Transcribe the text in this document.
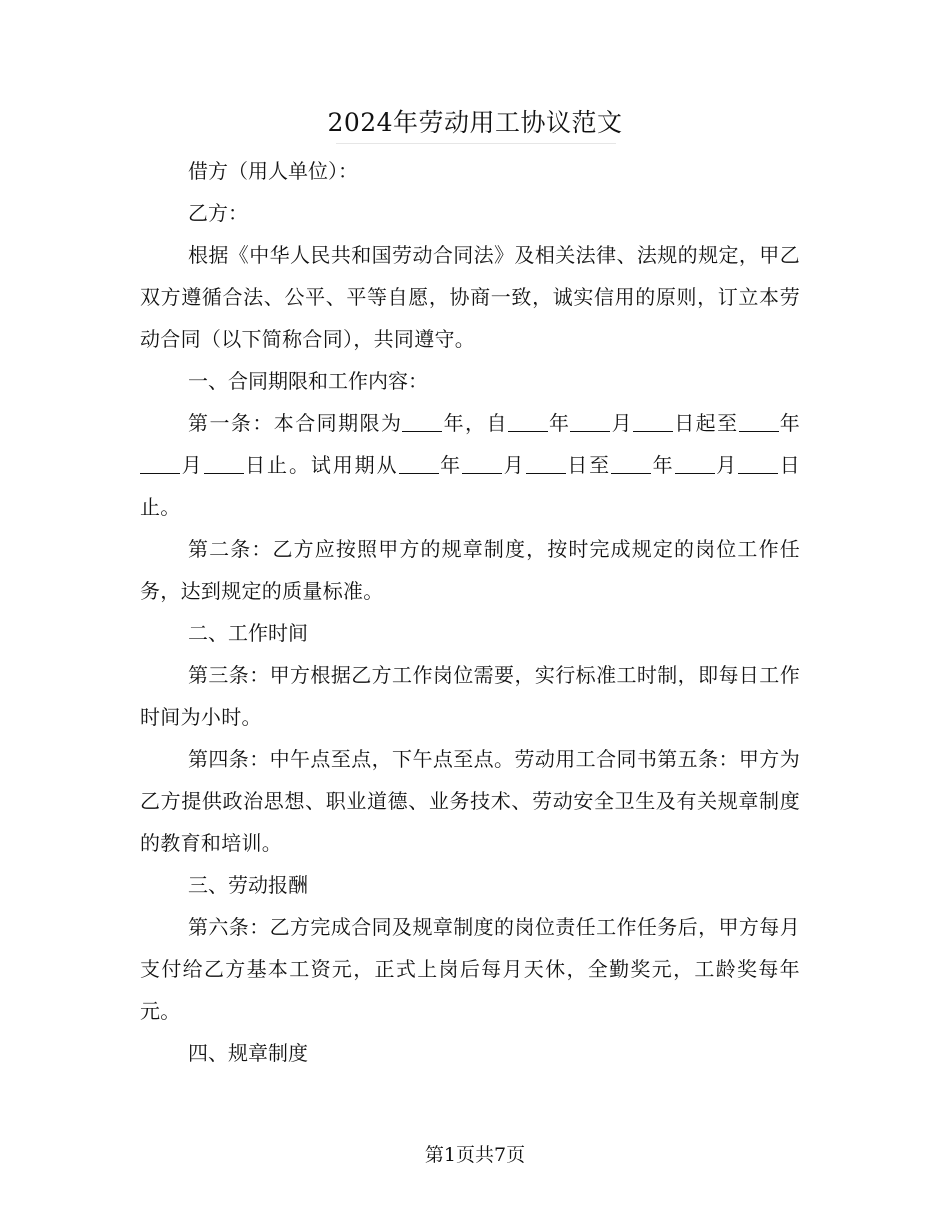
2024年劳动用工协议范文

借方（用人单位）：

乙方：

根据《中华人民共和国劳动合同法》及相关法律、法规的规定，甲乙双方遵循合法、公平、平等自愿，协商一致，诚实信用的原则，订立本劳动合同（以下简称合同），共同遵守。

一、合同期限和工作内容：

第一条：本合同期限为 年，自 年 月 日起至 年月 日止。试用期从 年 月 日至 年 月 日止。

第二条：乙方应按照甲方的规章制度，按时完成规定的岗位工作任务，达到规定的质量标准。

二、工作时间

第三条：甲方根据乙方工作岗位需要，实行标准工时制，即每日工作时间为小时。

第四条：中午点至点，下午点至点。劳动用工合同书第五条：甲方为乙方提供政治思想、职业道德、业务技术、劳动安全卫生及有关规章制度的教育和培训。

三、劳动报酬

第六条：乙方完成合同及规章制度的岗位责任工作任务后，甲方每月支付给乙方基本工资元，正式上岗后每月天休，全勤奖元，工龄奖每年元。

四、规章制度

第1页共7页
